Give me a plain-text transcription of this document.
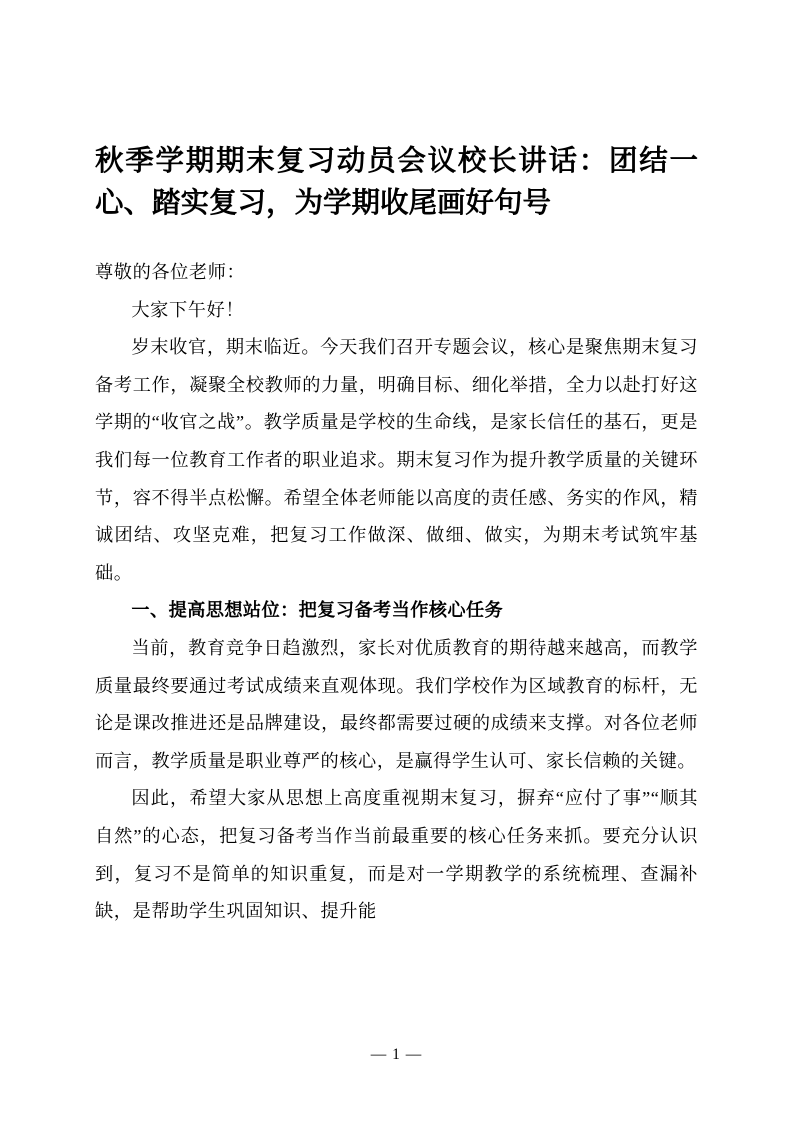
秋季学期期末复习动员会议校长讲话：团结一心、踏实复习，为学期收尾画好句号

尊敬的各位老师：

大家下午好！

岁末收官，期末临近。今天我们召开专题会议，核心是聚焦期末复习备考工作，凝聚全校教师的力量，明确目标、细化举措，全力以赴打好这学期的“收官之战”。教学质量是学校的生命线，是家长信任的基石，更是我们每一位教育工作者的职业追求。期末复习作为提升教学质量的关键环节，容不得半点松懈。希望全体老师能以高度的责任感、务实的作风，精诚团结、攻坚克难，把复习工作做深、做细、做实，为期末考试筑牢基础。

一、提高思想站位：把复习备考当作核心任务

当前，教育竞争日趋激烈，家长对优质教育的期待越来越高，而教学质量最终要通过考试成绩来直观体现。我们学校作为区域教育的标杆，无论是课改推进还是品牌建设，最终都需要过硬的成绩来支撑。对各位老师而言，教学质量是职业尊严的核心，是赢得学生认可、家长信赖的关键。

因此，希望大家从思想上高度重视期末复习，摒弃“应付了事”“顺其自然”的心态，把复习备考当作当前最重要的核心任务来抓。要充分认识到，复习不是简单的知识重复，而是对一学期教学的系统梳理、查漏补缺，是帮助学生巩固知识、提升能

— 1 —
